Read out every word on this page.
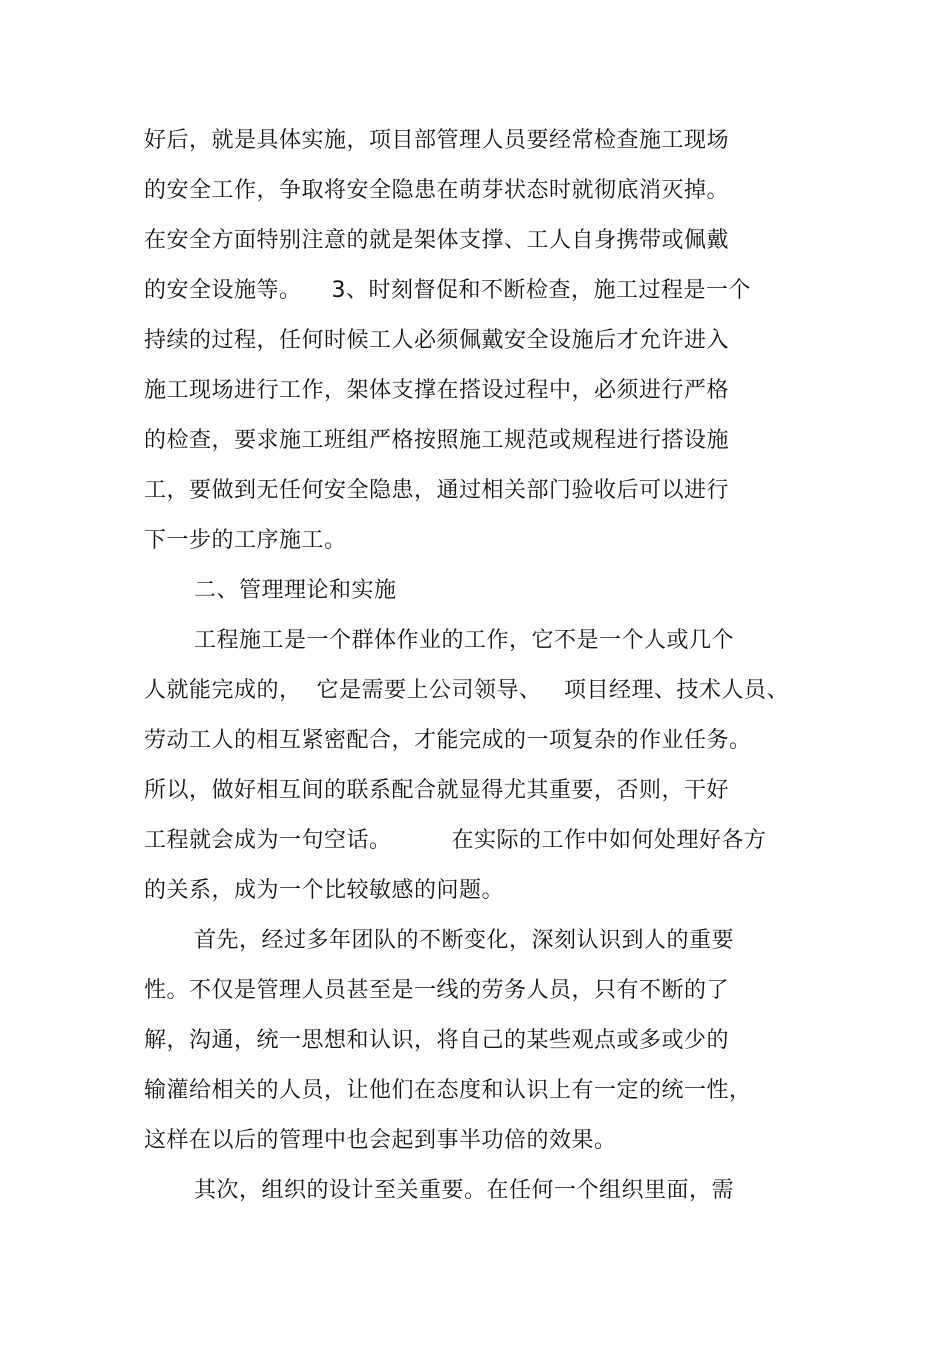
好后，就是具体实施，项目部管理人员要经常检查施工现场
的安全工作，争取将安全隐患在萌芽状态时就彻底消灭掉。
在安全方面特别注意的就是架体支撑、工人自身携带或佩戴
的安全设施等。    3、时刻督促和不断检查，施工过程是一个
持续的过程，任何时候工人必须佩戴安全设施后才允许进入
施工现场进行工作，架体支撑在搭设过程中，必须进行严格
的检查，要求施工班组严格按照施工规范或规程进行搭设施
工，要做到无任何安全隐患，通过相关部门验收后可以进行
下一步的工序施工。
二、管理理论和实施
工程施工是一个群体作业的工作，它不是一个人或几个
人就能完成的，  它是需要上公司领导、   项目经理、技术人员、
劳动工人的相互紧密配合，才能完成的一项复杂的作业任务。
所以，做好相互间的联系配合就显得尤其重要，否则，干好
工程就会成为一句空话。        在实际的工作中如何处理好各方
的关系，成为一个比较敏感的问题。
首先，经过多年团队的不断变化，深刻认识到人的重要
性。不仅是管理人员甚至是一线的劳务人员，只有不断的了
解，沟通，统一思想和认识，将自己的某些观点或多或少的
输灌给相关的人员，让他们在态度和认识上有一定的统一性，
这样在以后的管理中也会起到事半功倍的效果。
其次，组织的设计至关重要。在任何一个组织里面，需
